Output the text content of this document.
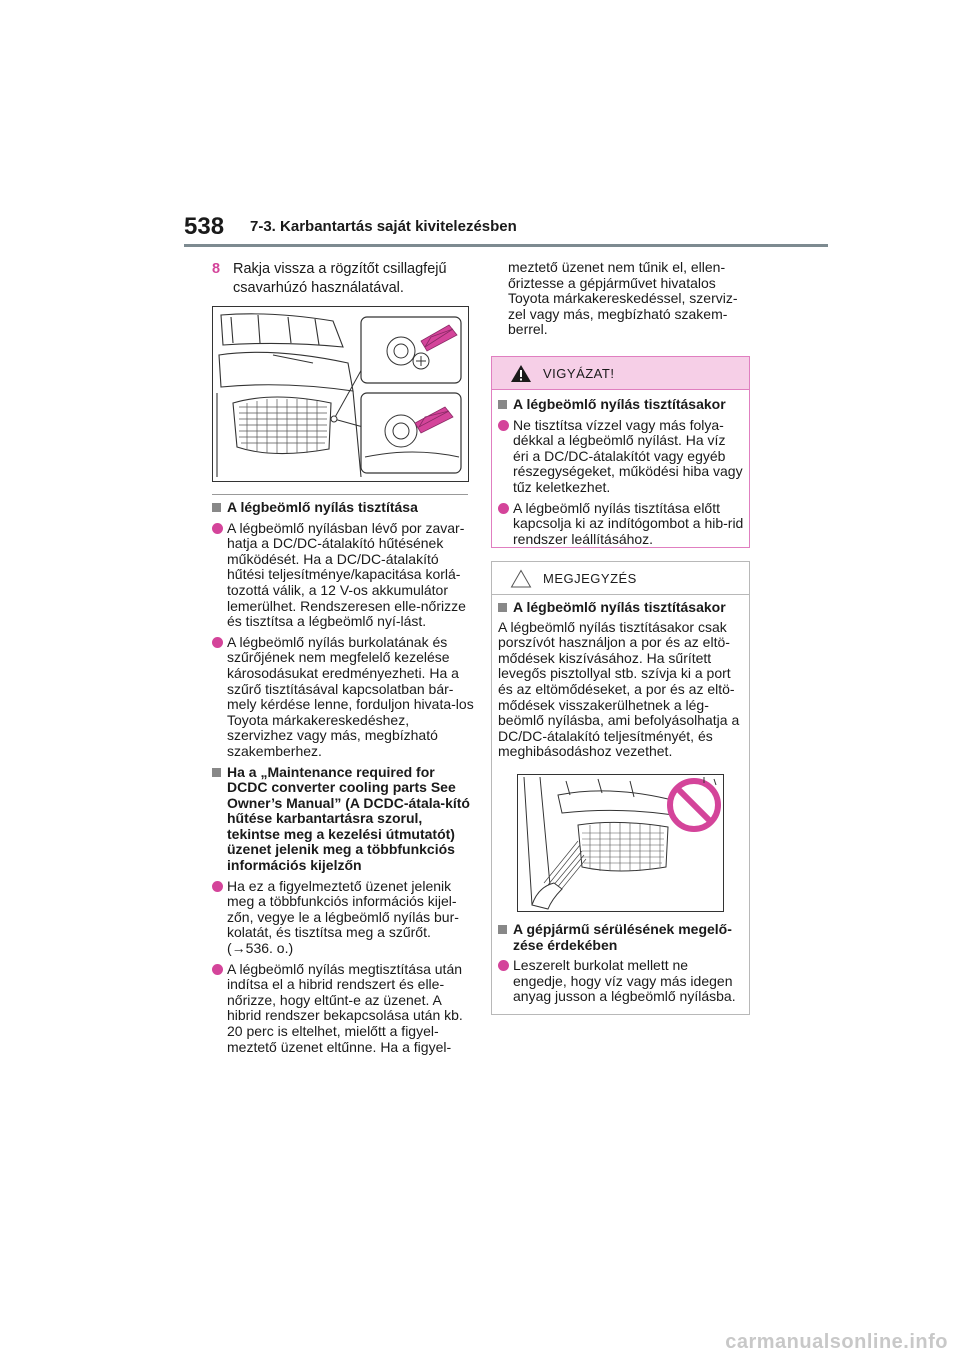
538 7-3. Karbantartás saját kivitelezésben
8 Rakja vissza a rögzítőt csillagfejű csavarhúzó használatával.
A légbeömlő nyílás tisztítása
A légbeömlő nyílásban lévő por zavar-hatja a DC/DC-átalakító hűtésének működését. Ha a DC/DC-átalakító hűtési teljesítménye/kapacitása korlá-tozottá válik, a 12 V-os akkumulátor lemerülhet. Rendszeresen elle-nőrizze és tisztítsa a légbeömlő nyí-lást.
A légbeömlő nyílás burkolatának és szűrőjének nem megfelelő kezelése károsodásukat eredményezheti. Ha a szűrő tisztításával kapcsolatban bár-mely kérdése lenne, forduljon hivata-los Toyota márkakereskedéshez, szervizhez vagy más, megbízható szakemberhez.
Ha a „Maintenance required for DCDC converter cooling parts See Owner’s Manual” (A DCDC-átala-kító hűtése karbantartásra szorul, tekintse meg a kezelési útmutatót) üzenet jelenik meg a többfunkciós információs kijelzőn
Ha ez a figyelmeztető üzenet jelenik meg a többfunkciós információs kijel-zőn, vegye le a légbeömlő nyílás bur-kolatát, és tisztítsa meg a szűrőt. (→536. o.)
A légbeömlő nyílás megtisztítása után indítsa el a hibrid rendszert és elle-nőrizze, hogy eltűnt-e az üzenet. A hibrid rendszer bekapcsolása után kb. 20 perc is eltelhet, mielőtt a figyel-meztető üzenet eltűnne. Ha a figyel-
meztető üzenet nem tűnik el, ellen-őriztesse a gépjárművet hivatalos Toyota márkakereskedéssel, szerviz-zel vagy más, megbízható szakem-berrel.
VIGYÁZAT!
A légbeömlő nyílás tisztításakor
Ne tisztítsa vízzel vagy más folya-dékkal a légbeömlő nyílást. Ha víz éri a DC/DC-átalakítót vagy egyéb részegységeket, működési hiba vagy tűz keletkezhet.
A légbeömlő nyílás tisztítása előtt kapcsolja ki az indítógombot a hib-rid rendszer leállításához.
MEGJEGYZÉS
A légbeömlő nyílás tisztításakor
A légbeömlő nyílás tisztításakor csak porszívót használjon a por és az eltö-mődések kiszívásához. Ha sűrített levegős pisztollyal stb. szívja ki a port és az eltömődéseket, a por és az eltö-mődések visszakerülhetnek a lég-beömlő nyílásba, ami befolyásolhatja a DC/DC-átalakító teljesítményét, és meghibásodáshoz vezethet.
A gépjármű sérülésének megelő-zése érdekében
Leszerelt burkolat mellett ne engedje, hogy víz vagy más idegen anyag jusson a légbeömlő nyílásba.
carmanualsonline.info
